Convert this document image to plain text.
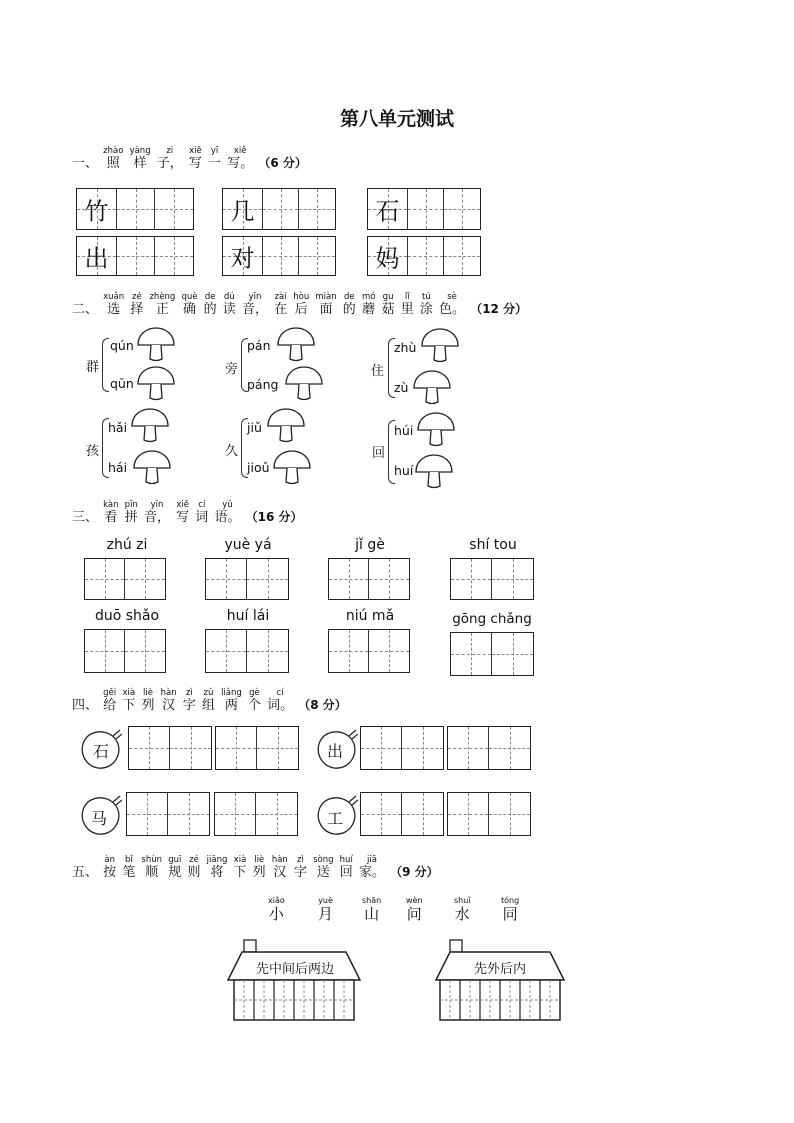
第八单元测试
一、
zhào
照

yàng
样

zi
子，

xiě
写

yī
一

xiě
写。 （6 分）
竹	几	石
出	对	妈
二、
xuǎn
选

zé
择

zhèng
正

què
确

de
的

dú
读

yīn
音，

zài
在

hòu
后

miàn
面

de
的

mó
蘑

gu
菇

lǐ
里

tú
涂

sè
色。 （12 分）
群
qún
qūn
旁
pán
páng
住
zhù
zù
孩
hǎi
hái
久
jiǔ
jioǔ
回
húi
huí
三、
kàn
看

pīn
拼

yīn
音，

xiě
写

cí
词

yǔ
语。 （16 分）
zhú zi	yuè yá	jǐ gè	shí tou
duō shǎo	huí lái	niú mǎ	gōng chǎng
四、
gěi
给

xià
下

liè
列

hàn
汉

zì
字

zǔ
组

liǎng
两

gè
个

cí
词。 （8 分）
石	出
马	工
五、
àn
按

bǐ
笔

shùn
顺

guī
规

zé
则

jiāng
将

xià
下

liè
列

hàn
汉

zì
字

sòng
送

huí
回

jiā
家。 （9 分）
xiǎo
小
yuè
月
shān
山
wèn
问
shuǐ
水
tóng
同
先中间后两边	先外后内
